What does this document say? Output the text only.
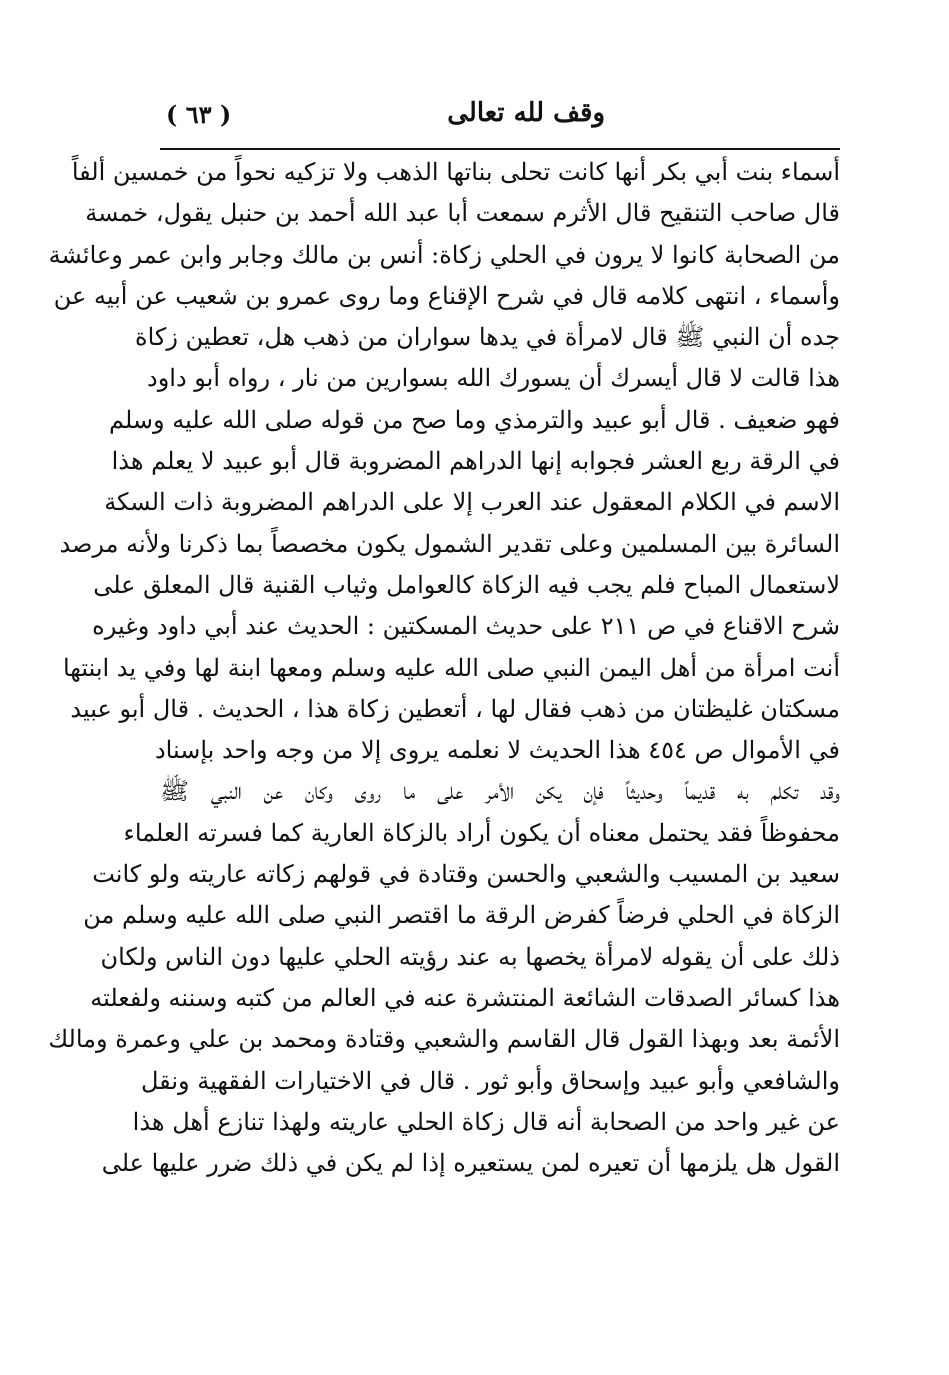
وقف لله تعالى
( ٦٣ )
أسماء بنت أبي بكر أنها كانت تحلى بناتها الذهب ولا تزكيه نحواً من خمسين ألفاً
قال صاحب التنقيح قال الأثرم سمعت أبا عبد الله أحمد بن حنبل يقول، خمسة
من الصحابة كانوا لا يرون في الحلي زكاة: أنس بن مالك وجابر وابن عمر وعائشة
وأسماء ، انتهى كلامه قال في شرح الإقناع وما روى عمرو بن شعيب عن أبيه عن
جده أن النبي ﷺ قال لامرأة في يدها سواران من ذهب هل، تعطين زكاة
هذا قالت لا قال أيسرك أن يسورك الله بسوارين من نار ، رواه أبو داود
فهو ضعيف . قال أبو عبيد والترمذي وما صح من قوله صلى الله عليه وسلم
في الرقة ربع العشر فجوابه إنها الدراهم المضروبة قال أبو عبيد لا يعلم هذا
الاسم في الكلام المعقول عند العرب إلا على الدراهم المضروبة ذات السكة
السائرة بين المسلمين وعلى تقدير الشمول يكون مخصصاً بما ذكرنا ولأنه مرصد
لاستعمال المباح فلم يجب فيه الزكاة كالعوامل وثياب القنية قال المعلق على
شرح الاقناع في ص ٢١١ على حديث المسكتين : الحديث عند أبي داود وغيره
أنت امرأة من أهل اليمن النبي صلى الله عليه وسلم ومعها ابنة لها وفي يد ابنتها
مسكتان غليظتان من ذهب فقال لها ، أتعطين زكاة هذا ، الحديث . قال أبو عبيد
في الأموال ص ٤٥٤ هذا الحديث لا نعلمه يروى إلا من وجه واحد بإسناد
وقد تكلم به قديماً وحديثاً فإن يكن الأمر على ما روى وكان عن النبي ﷺ
محفوظاً فقد يحتمل معناه أن يكون أراد بالزكاة العارية كما فسرته العلماء
سعيد بن المسيب والشعبي والحسن وقتادة في قولهم زكاته عاريته ولو كانت
الزكاة في الحلي فرضاً كفرض الرقة ما اقتصر النبي صلى الله عليه وسلم من
ذلك على أن يقوله لامرأة يخصها به عند رؤيته الحلي عليها دون الناس ولكان
هذا كسائر الصدقات الشائعة المنتشرة عنه في العالم من كتبه وسننه ولفعلته
الأئمة بعد وبهذا القول قال القاسم والشعبي وقتادة ومحمد بن علي وعمرة ومالك
والشافعي وأبو عبيد وإسحاق وأبو ثور . قال في الاختيارات الفقهية ونقل
عن غير واحد من الصحابة أنه قال زكاة الحلي عاريته ولهذا تنازع أهل هذا
القول هل يلزمها أن تعيره لمن يستعيره إذا لم يكن في ذلك ضرر عليها على
